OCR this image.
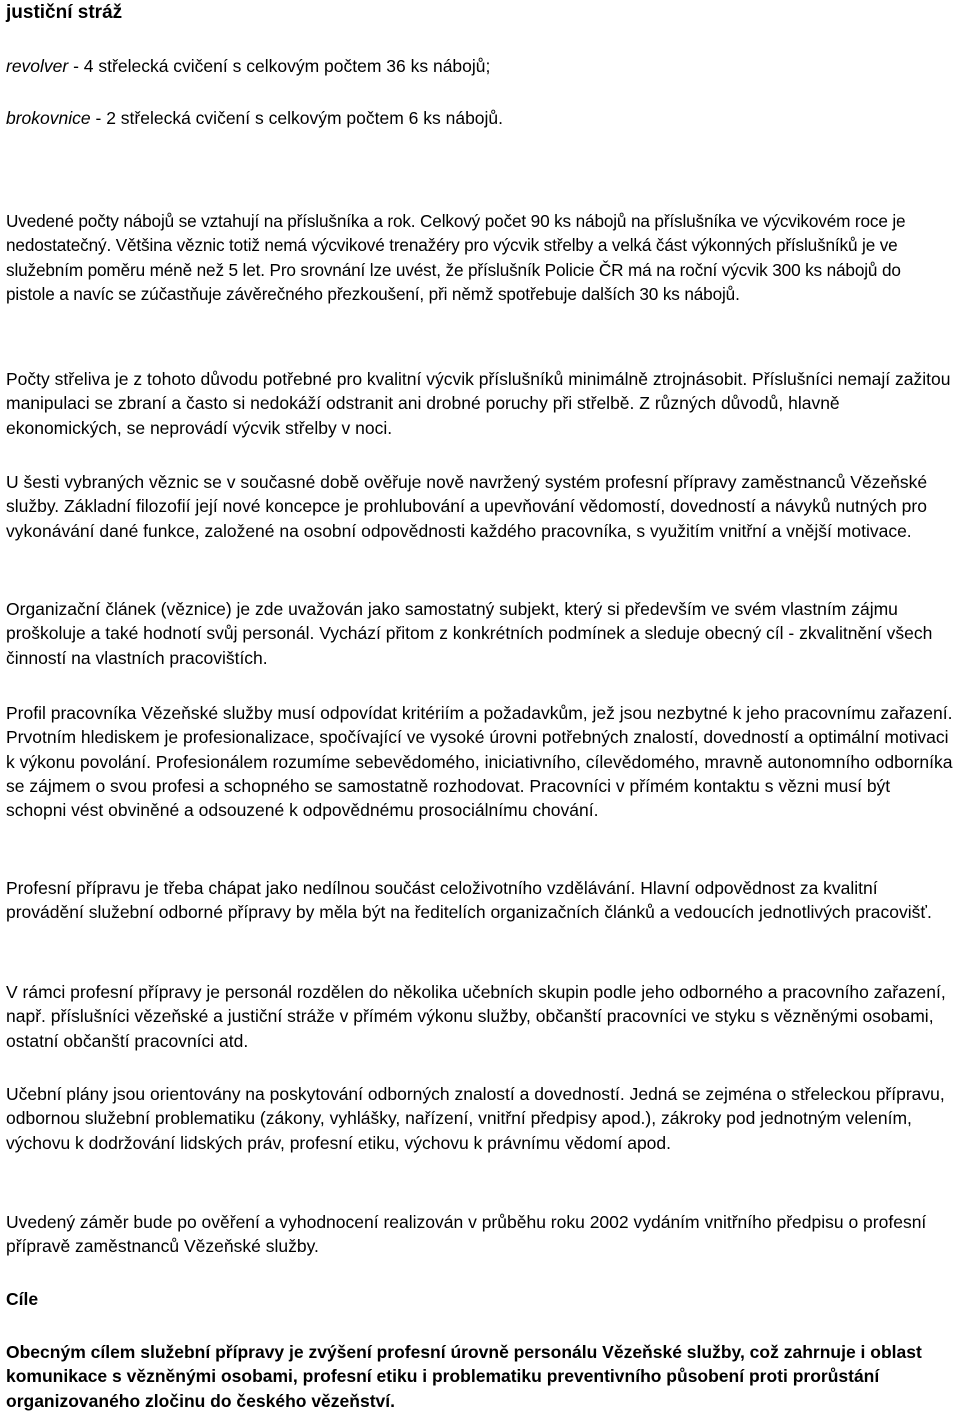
justiční stráž
revolver - 4 střelecká cvičení s celkovým počtem 36 ks nábojů;
brokovnice - 2 střelecká cvičení s celkovým počtem 6 ks nábojů.

Uvedené počty nábojů se vztahují na příslušníka a rok. Celkový počet 90 ks nábojů na příslušníka ve výcvikovém roce je nedostatečný. Většina věznic totiž nemá výcvikové trenažéry pro výcvik střelby a velká část výkonných příslušníků je ve služebním poměru méně než 5 let. Pro srovnání lze uvést, že příslušník Policie ČR má na roční výcvik 300 ks nábojů do pistole a navíc se zúčastňuje závěrečného přezkoušení, při němž spotřebuje dalších 30 ks nábojů.

Počty střeliva je z tohoto důvodu potřebné pro kvalitní výcvik příslušníků minimálně ztrojnásobit. Příslušníci nemají zažitou manipulaci se zbraní a často si nedokáží odstranit ani drobné poruchy při střelbě. Z různých důvodů, hlavně ekonomických, se neprovádí výcvik střelby v noci.

U šesti vybraných věznic se v současné době ověřuje nově navržený systém profesní přípravy zaměstnanců Vězeňské služby. Základní filozofií její nové koncepce je prohlubování a upevňování vědomostí, dovedností a návyků nutných pro vykonávání dané funkce, založené na osobní odpovědnosti každého pracovníka, s využitím vnitřní a vnější motivace.

Organizační článek (věznice) je zde uvažován jako samostatný subjekt, který si především ve svém vlastním zájmu proškoluje a také hodnotí svůj personál. Vychází přitom z konkrétních podmínek a sleduje obecný cíl - zkvalitnění všech činností na vlastních pracovištích.

Profil pracovníka Vězeňské služby musí odpovídat kritériím a požadavkům, jež jsou nezbytné k jeho pracovnímu zařazení. Prvotním hlediskem je profesionalizace, spočívající ve vysoké úrovni potřebných znalostí, dovedností a optimální motivaci k výkonu povolání. Profesionálem rozumíme sebevědomého, iniciativního, cílevědomého, mravně autonomního odborníka se zájmem o svou profesi a schopného se samostatně rozhodovat. Pracovníci v přímém kontaktu s vězni musí být schopni vést obviněné a odsouzené k odpovědnému prosociálnímu chování.

Profesní přípravu je třeba chápat jako nedílnou součást celoživotního vzdělávání. Hlavní odpovědnost za kvalitní provádění služební odborné přípravy by měla být na ředitelích organizačních článků a vedoucích jednotlivých pracovišť.

V rámci profesní přípravy je personál rozdělen do několika učebních skupin podle jeho odborného a pracovního zařazení, např. příslušníci vězeňské a justiční stráže v přímém výkonu služby, občanští pracovníci ve styku s vězněnými osobami, ostatní občanští pracovníci atd.

Učební plány jsou orientovány na poskytování odborných znalostí a dovedností. Jedná se zejména o střeleckou přípravu, odbornou služební problematiku (zákony, vyhlášky, nařízení, vnitřní předpisy apod.), zákroky pod jednotným velením, výchovu k dodržování lidských práv, profesní etiku, výchovu k právnímu vědomí apod.

Uvedený záměr bude po ověření a vyhodnocení realizován v průběhu roku 2002 vydáním vnitřního předpisu o profesní přípravě zaměstnanců Vězeňské služby.

Cíle

Obecným cílem služební přípravy je zvýšení profesní úrovně personálu Vězeňské služby, což zahrnuje i oblast komunikace s vězněnými osobami, profesní etiku i problematiku preventivního působení proti prorůstání organizovaného zločinu do českého vězeňství.
